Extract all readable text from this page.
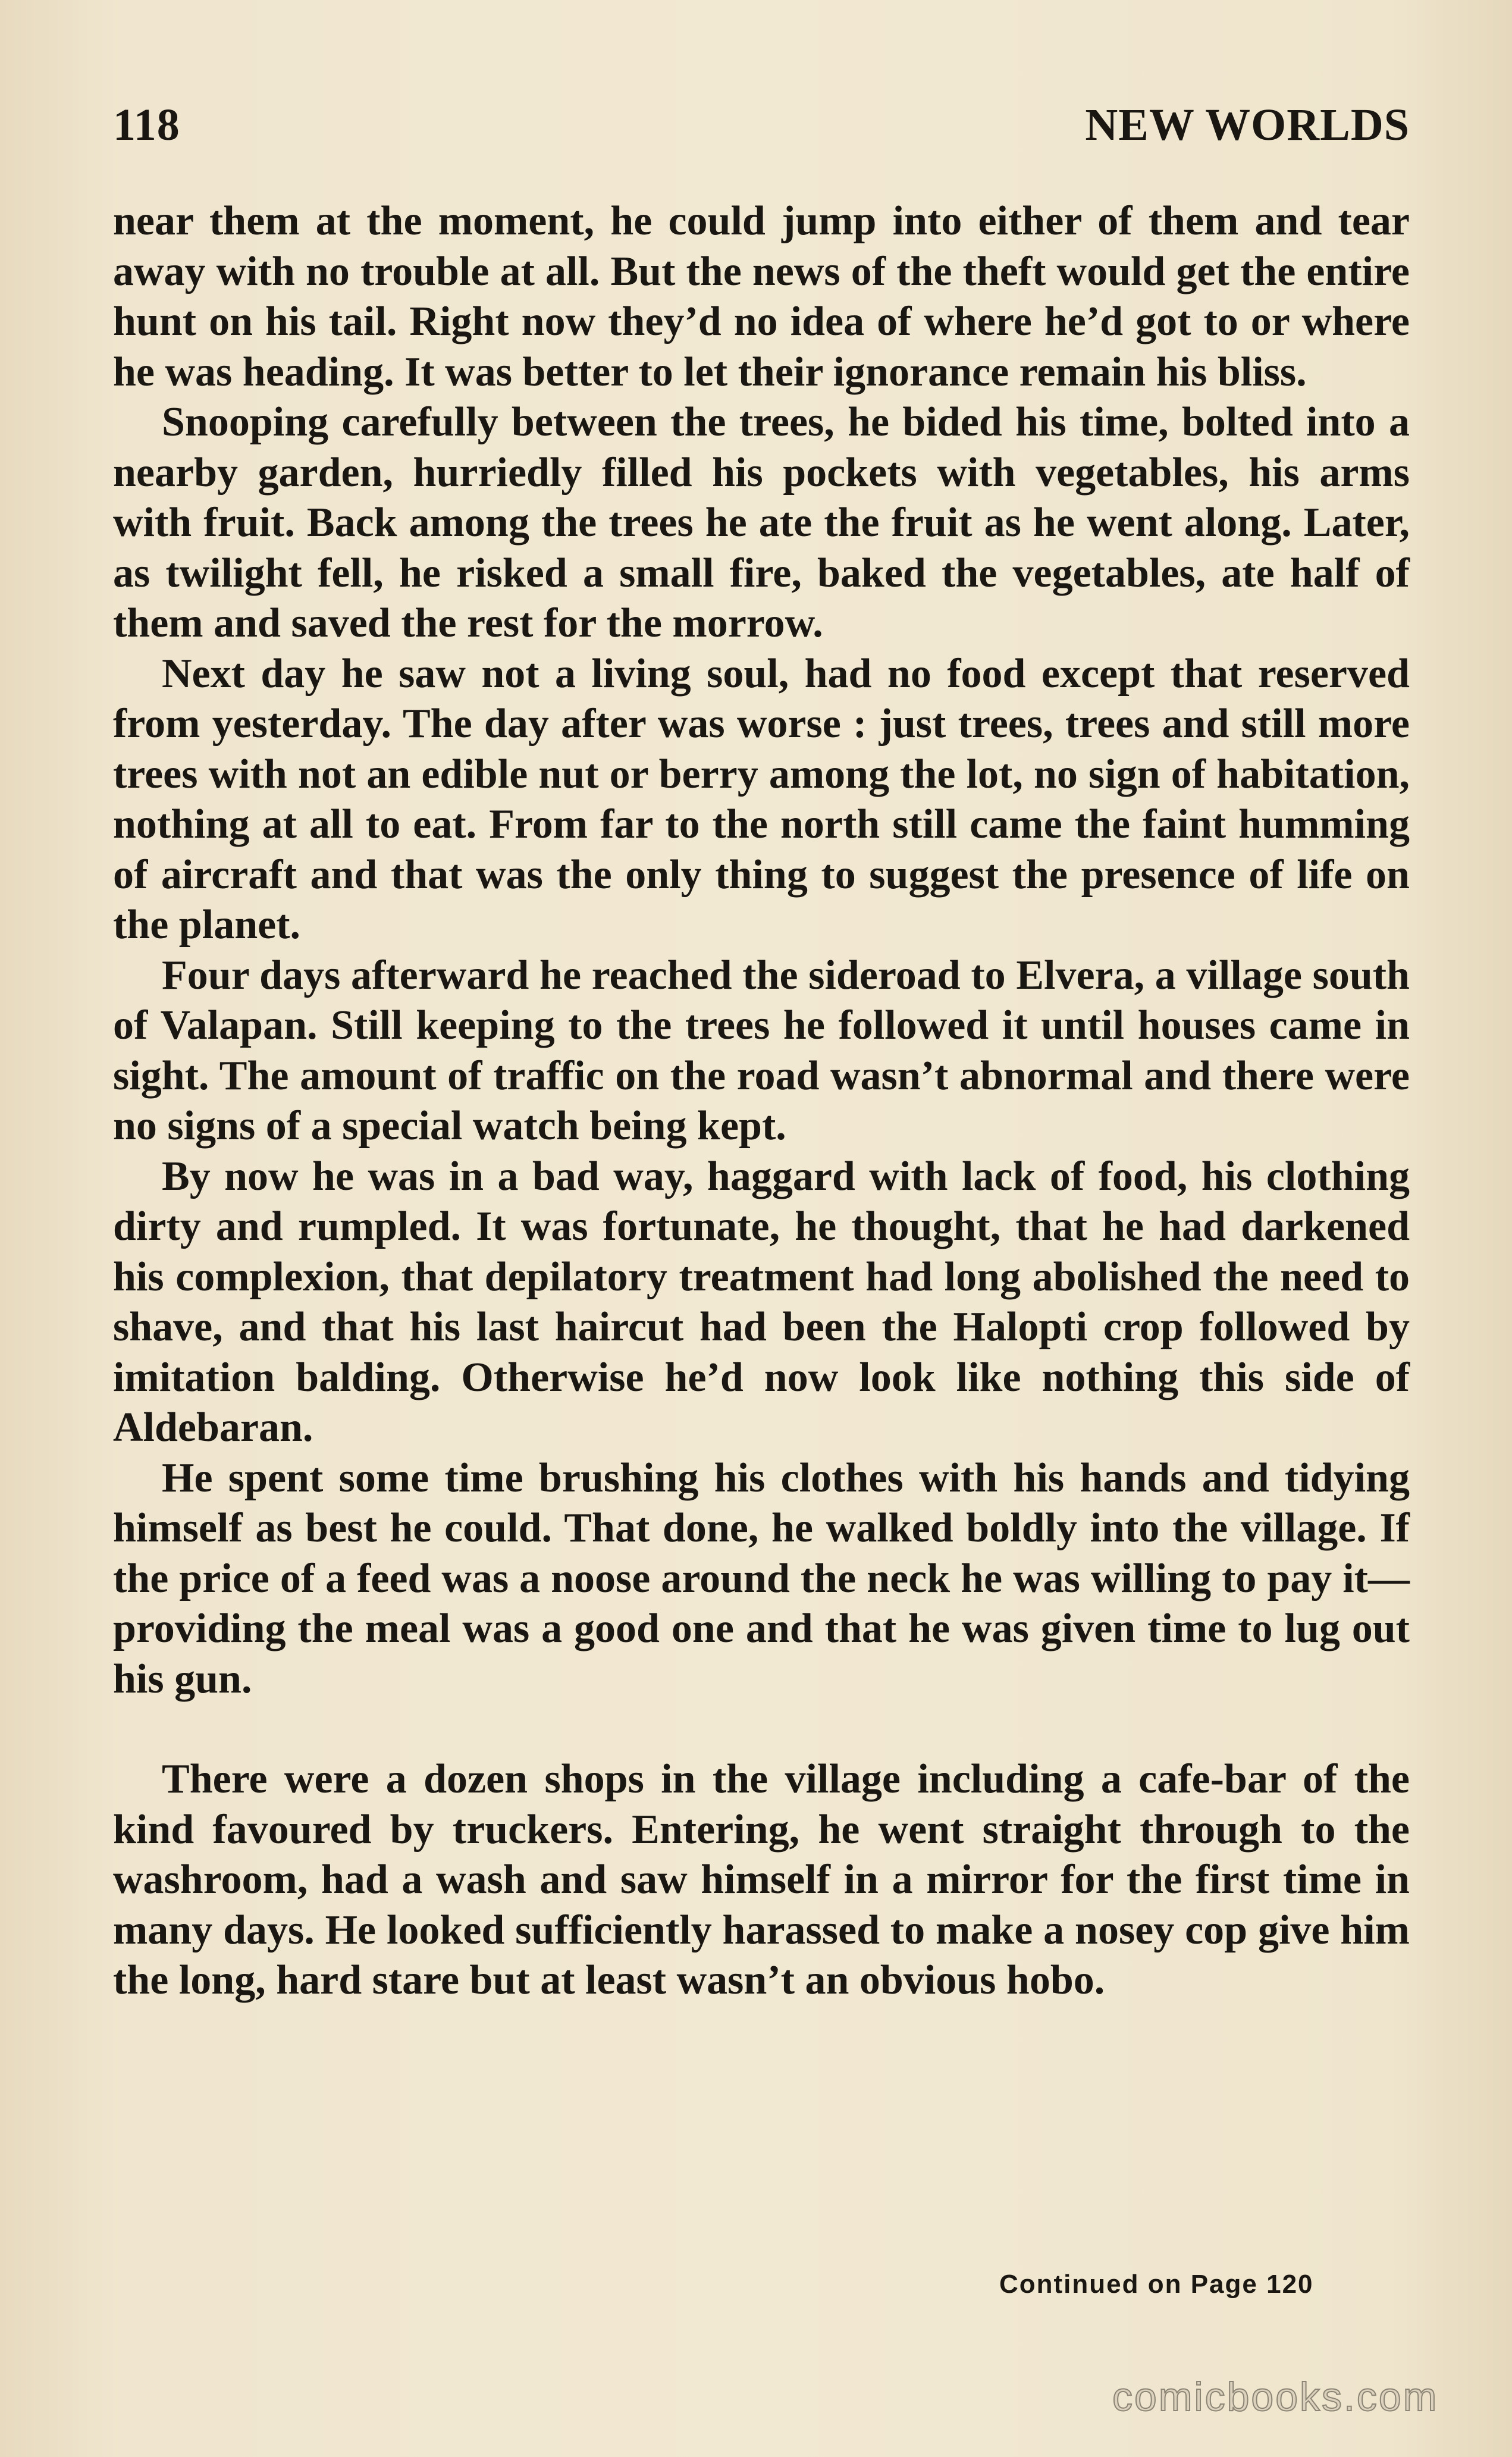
118	NEW WORLDS

near them at the moment, he could jump into either of them and tear away with no trouble at all. But the news of the theft would get the entire hunt on his tail. Right now they’d no idea of where he’d got to or where he was heading. It was better to let their ignorance remain his bliss.

Snooping carefully between the trees, he bided his time, bolted into a nearby garden, hurriedly filled his pockets with vegetables, his arms with fruit. Back among the trees he ate the fruit as he went along. Later, as twilight fell, he risked a small fire, baked the vegetables, ate half of them and saved the rest for the morrow.

Next day he saw not a living soul, had no food except that reserved from yesterday. The day after was worse : just trees, trees and still more trees with not an edible nut or berry among the lot, no sign of habitation, nothing at all to eat. From far to the north still came the faint humming of aircraft and that was the only thing to suggest the presence of life on the planet.

Four days afterward he reached the sideroad to Elvera, a village south of Valapan. Still keeping to the trees he followed it until houses came in sight. The amount of traffic on the road wasn’t abnormal and there were no signs of a special watch being kept.

By now he was in a bad way, haggard with lack of food, his clothing dirty and rumpled. It was fortunate, he thought, that he had darkened his complexion, that depilatory treatment had long abolished the need to shave, and that his last haircut had been the Halopti crop followed by imitation balding. Otherwise he’d now look like nothing this side of Aldebaran.

He spent some time brushing his clothes with his hands and tidying himself as best he could. That done, he walked boldly into the village. If the price of a feed was a noose around the neck he was willing to pay it—providing the meal was a good one and that he was given time to lug out his gun.

There were a dozen shops in the village including a cafe-bar of the kind favoured by truckers. Entering, he went straight through to the washroom, had a wash and saw himself in a mirror for the first time in many days. He looked sufficiently harassed to make a nosey cop give him the long, hard stare but at least wasn’t an obvious hobo.

Continued on Page 120
comicbooks.com
